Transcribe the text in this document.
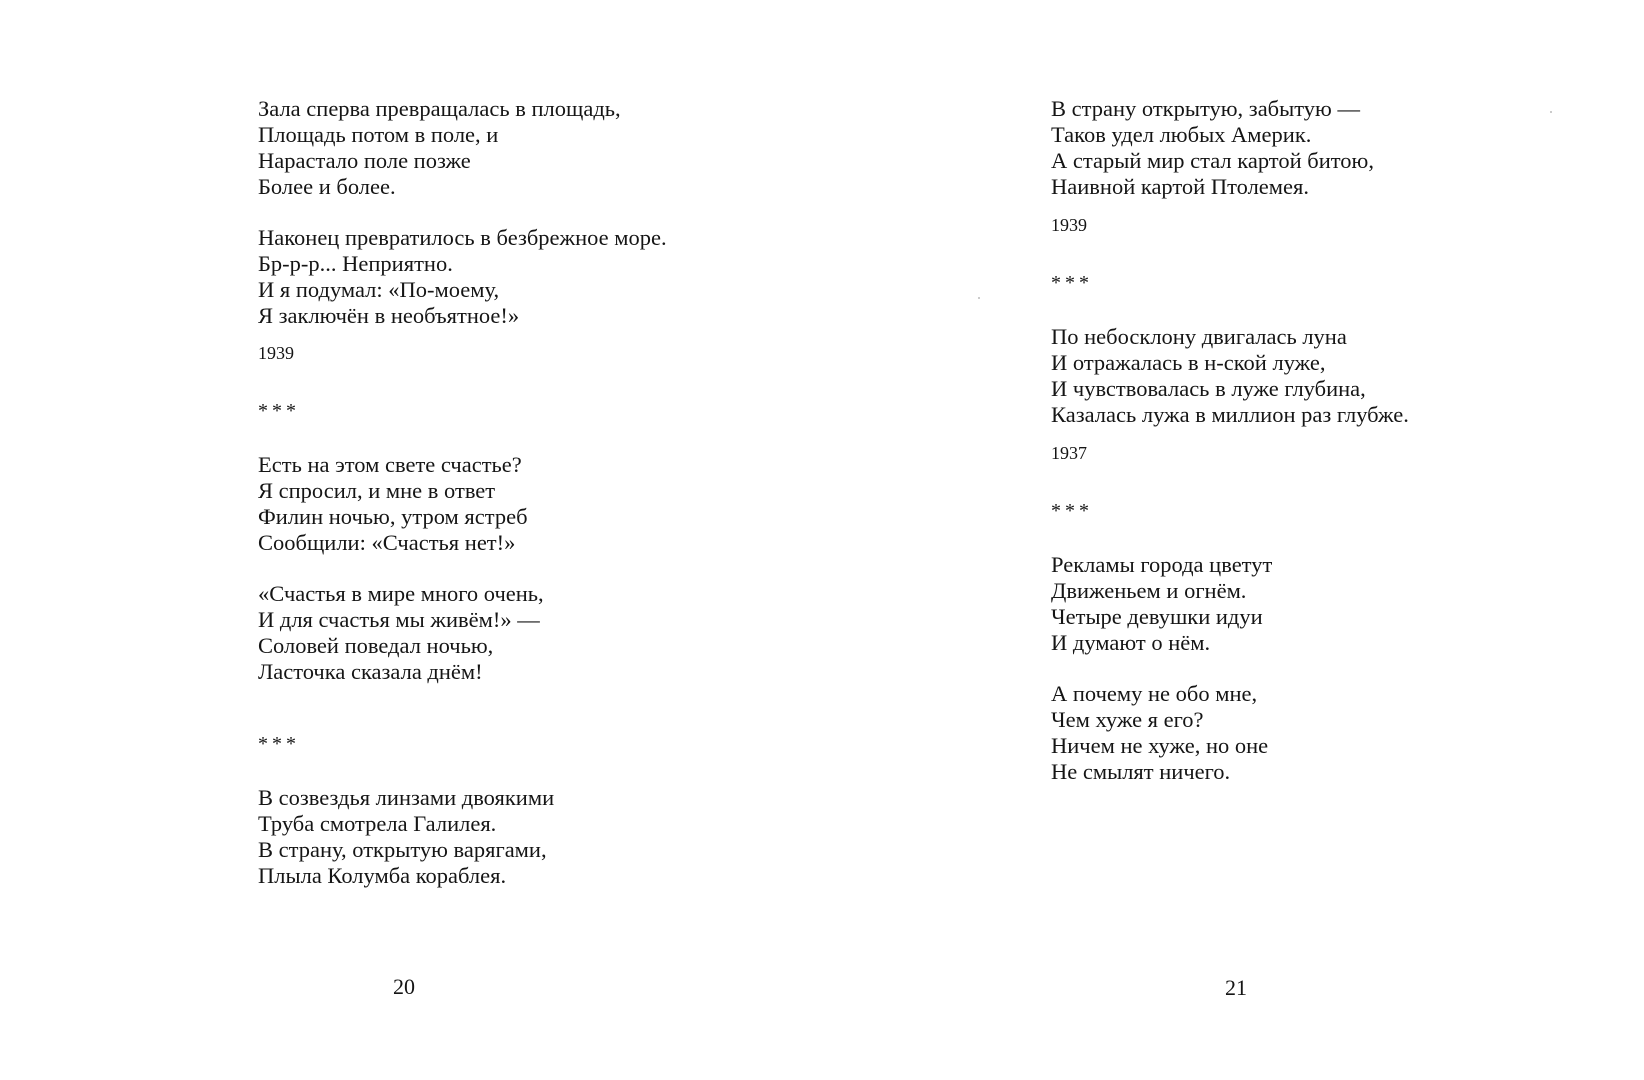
Зала сперва превращалась в площадь,
Площадь потом в поле, и
Нарастало поле позже
Более и более.
Наконец превратилось в безбрежное море.
Бр-р-р... Неприятно.
И я подумал: «По-моему,
Я заключён в необъятное!»
1939
***
Есть на этом свете счастье?
Я спросил, и мне в ответ
Филин ночью, утром ястреб
Сообщили: «Счастья нет!»
«Счастья в мире много очень,
И для счастья мы живём!» —
Соловей поведал ночью,
Ласточка сказала днём!
***
В созвездья линзами двоякими
Труба смотрела Галилея.
В страну, открытую варягами,
Плыла Колумба кораблея.
20
В страну открытую, забытую —
Таков удел любых Америк.
А старый мир стал картой битою,
Наивной картой Птолемея.
1939
***
По небосклону двигалась луна
И отражалась в н-ской луже,
И чувствовалась в луже глубина,
Казалась лужа в миллион раз глубже.
1937
***
Рекламы города цветут
Движеньем и огнём.
Четыре девушки идуи
И думают о нём.
А почему не обо мне,
Чем хуже я его?
Ничем не хуже, но оне
Не смылят ничего.
21
